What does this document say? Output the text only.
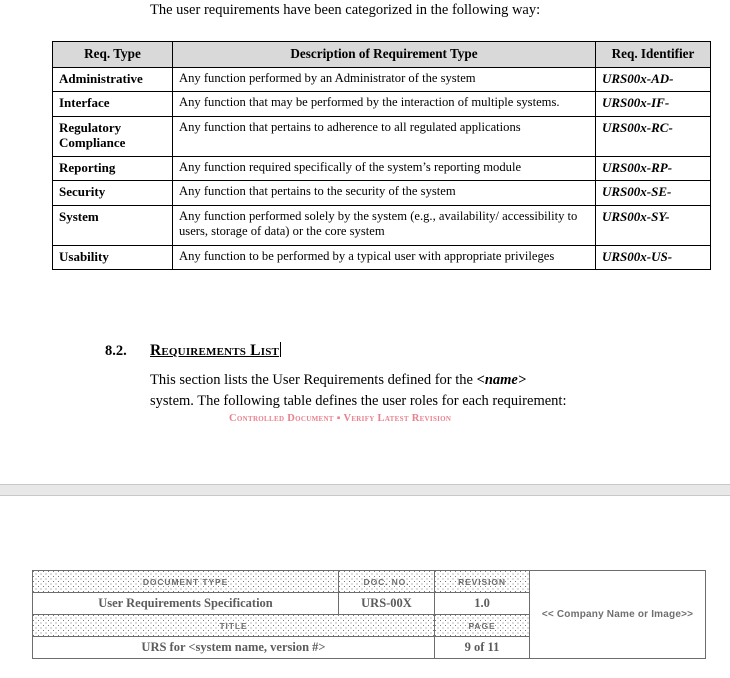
The user requirements have been categorized in the following way:
Req. Type	Description of Requirement Type	Req. Identifier
Administrative	Any function performed by an Administrator of the system	URS00x-AD-
Interface	Any function that may be performed by the interaction of multiple systems.	URS00x-IF-
Regulatory Compliance	Any function that pertains to adherence to all regulated applications	URS00x-RC-
Reporting	Any function required specifically of the system’s reporting module	URS00x-RP-
Security	Any function that pertains to the security of the system	URS00x-SE-
System	Any function performed solely by the system (e.g., availability/ accessibility to users, storage of data) or the core system	URS00x-SY-
Usability	Any function to be performed by a typical user with appropriate privileges	URS00x-US-
8.2. Requirements List
This section lists the User Requirements defined for the <name> system. The following table defines the user roles for each requirement:
Controlled Document ▪ Verify Latest Revision
DOCUMENT TYPE	DOC. NO.	REVISION	<< Company Name or Image>>
User Requirements Specification	URS-00X	1.0	
TITLE		PAGE	
URS for <system name, version #>		9 of 11	
